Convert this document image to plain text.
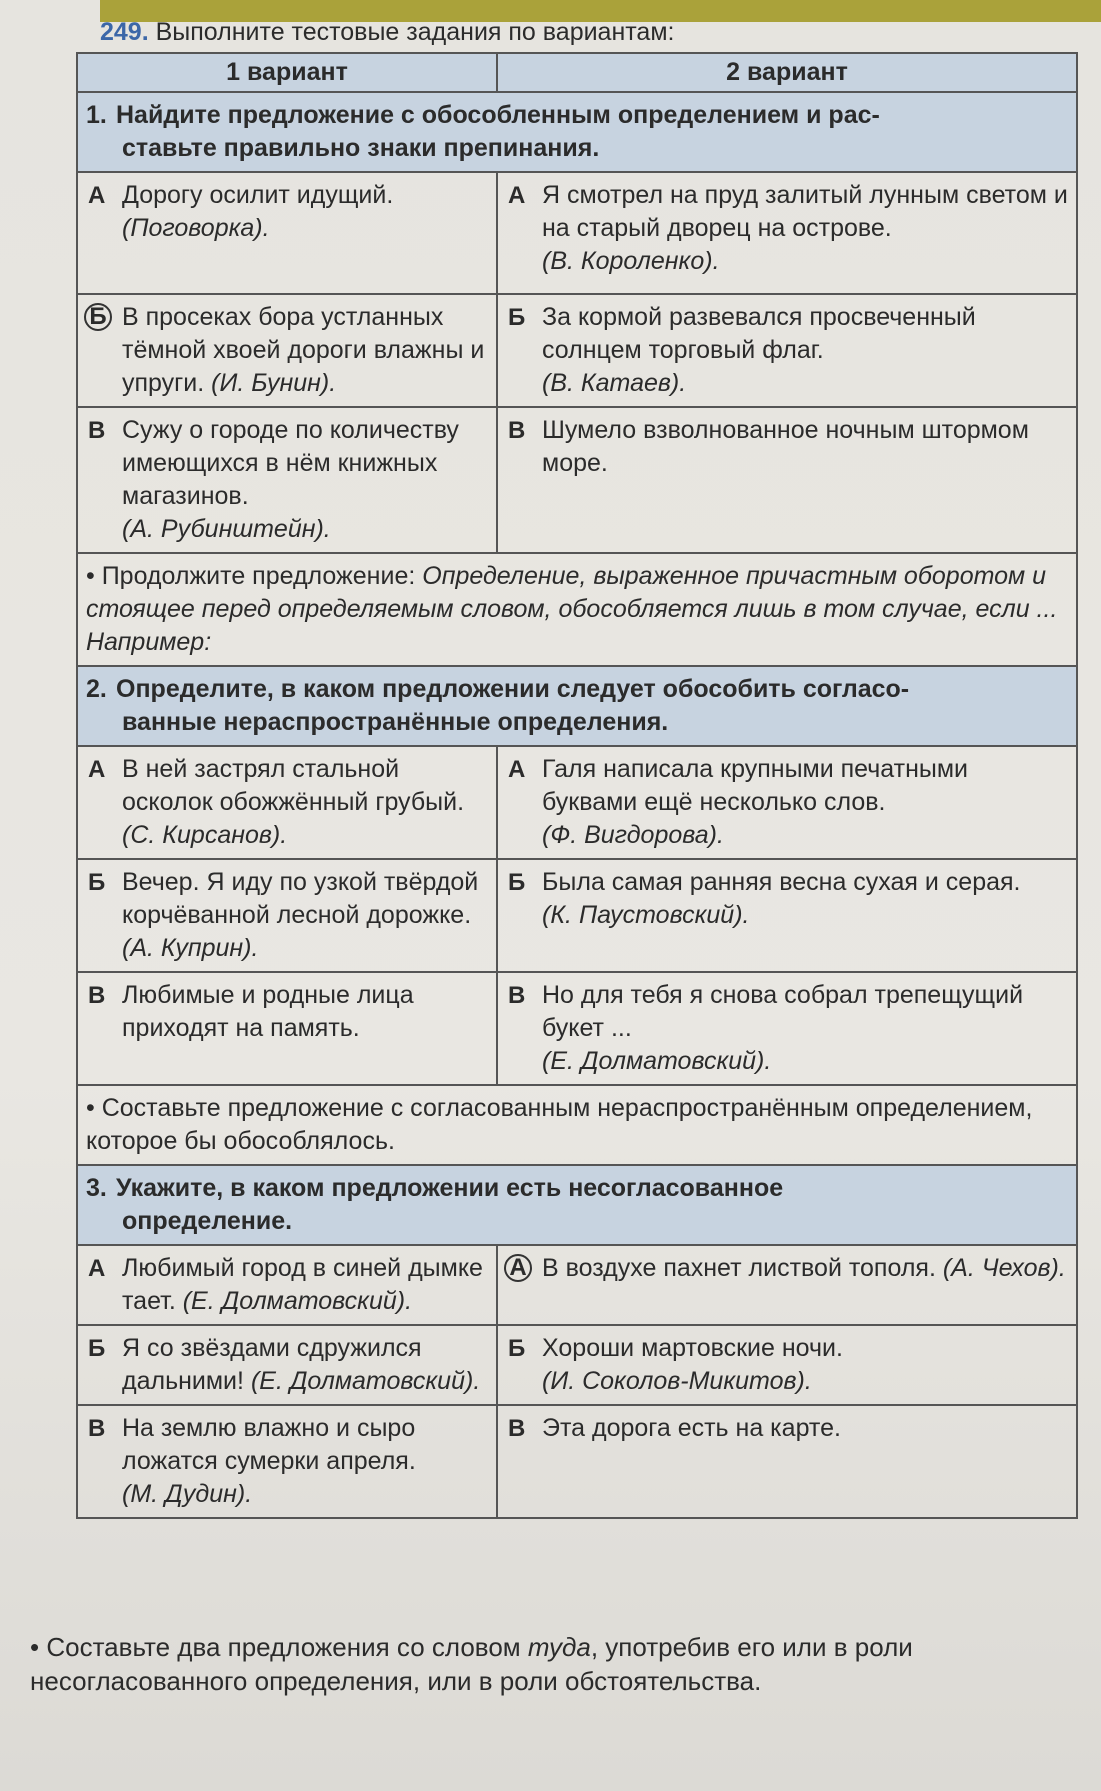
249. Выполните тестовые задания по вариантам:
1 вариант	2 вариант
1. Найдите предложение с обособленным определением и рас-
ставьте правильно знаки препинания.	

А Дорогу осилит идущий.
(Поговорка).	А Я смотрел на пруд залитый лунным светом и на старый дворец на острове.
(В. Короленко).

Б В просеках бора устланных тёмной хвоей дороги влажны и упруги. (И. Бунин).	Б За кормой развевался просвеченный солнцем торговый флаг.
(В. Катаев).

В Сужу о городе по количеству имеющихся в нём книжных магазинов.
(А. Рубинштейн).	В Шумело взволнованное ночным штормом море.
• Продолжите предложение: Определение, выраженное причастным оборотом и стоящее перед определяемым словом, обособляется лишь в том случае, если ... Например:	
2. Определите, в каком предложении следует обособить согласо-
ванные нераспространённые определения.	

А В ней застрял стальной осколок обожжённый грубый.
(С. Кирсанов).	А Галя написала крупными печатными буквами ещё несколько слов.
(Ф. Вигдорова).

Б Вечер. Я иду по узкой твёрдой корчёванной лесной дорожке.
(А. Куприн).	Б Была самая ранняя весна сухая и серая.
(К. Паустовский).

В Любимые и родные лица приходят на память.	В Но для тебя я снова собрал трепещущий букет ...
(Е. Долматовский).
• Составьте предложение с согласованным нераспространённым определением, которое бы обособлялось.	
3. Укажите, в каком предложении есть несогласованное
определение.	

А Любимый город в синей дымке тает. (Е. Долматовский).	А В воздухе пахнет листвой тополя. (А. Чехов).

Б Я со звёздами сдружился дальними! (Е. Долматовский).	Б Хороши мартовские ночи.
(И. Соколов-Микитов).

В На землю влажно и сыро ложатся сумерки апреля.
(М. Дудин).	В Эта дорога есть на карте.
• Составьте два предложения со словом туда, употребив его или в роли несогласованного определения, или в роли обстоятельства.
